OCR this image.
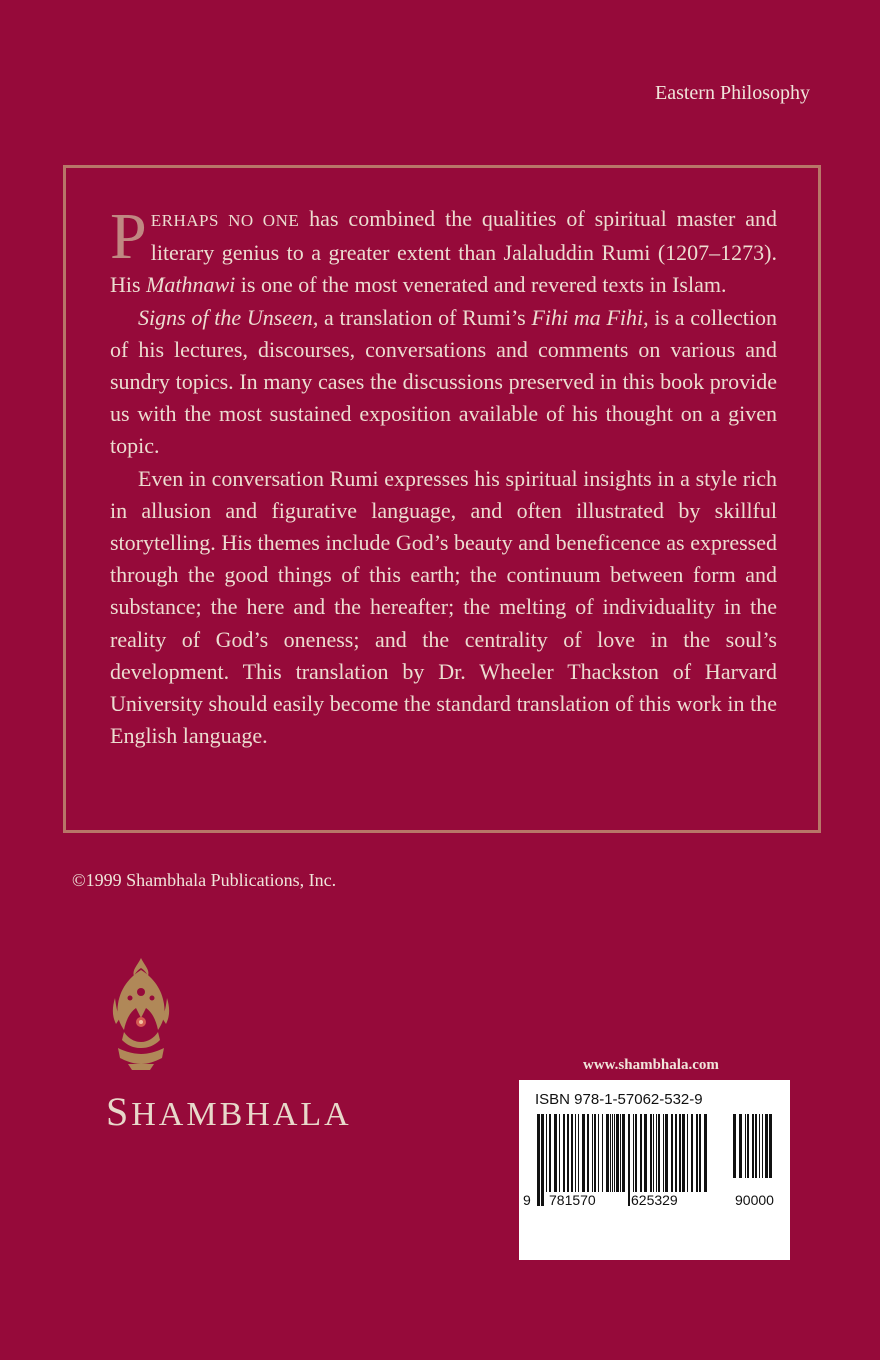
Eastern Philosophy

PERHAPS NO ONE has combined the qualities of spiritual master and literary genius to a greater extent than Jalaluddin Rumi (1207–1273). His Mathnawi is one of the most venerated and revered texts in Islam.

Signs of the Unseen, a translation of Rumi’s Fihi ma Fihi, is a collection of his lectures, discourses, conversations and comments on various and sundry topics. In many cases the discussions preserved in this book provide us with the most sustained exposition available of his thought on a given topic.

Even in conversation Rumi expresses his spiritual insights in a style rich in allusion and figurative language, and often illustrated by skillful storytelling. His themes include God’s beauty and beneficence as expressed through the good things of this earth; the continuum between form and substance; the here and the hereafter; the melting of individuality in the reality of God’s oneness; and the centrality of love in the soul’s development. This translation by Dr. Wheeler Thackston of Harvard University should easily become the standard translation of this work in the English language.

©1999 Shambhala Publications, Inc.
SHAMBHALA
www.shambhala.com
ISBN 978-1-57062-532-9
9 781570	625329	90000
